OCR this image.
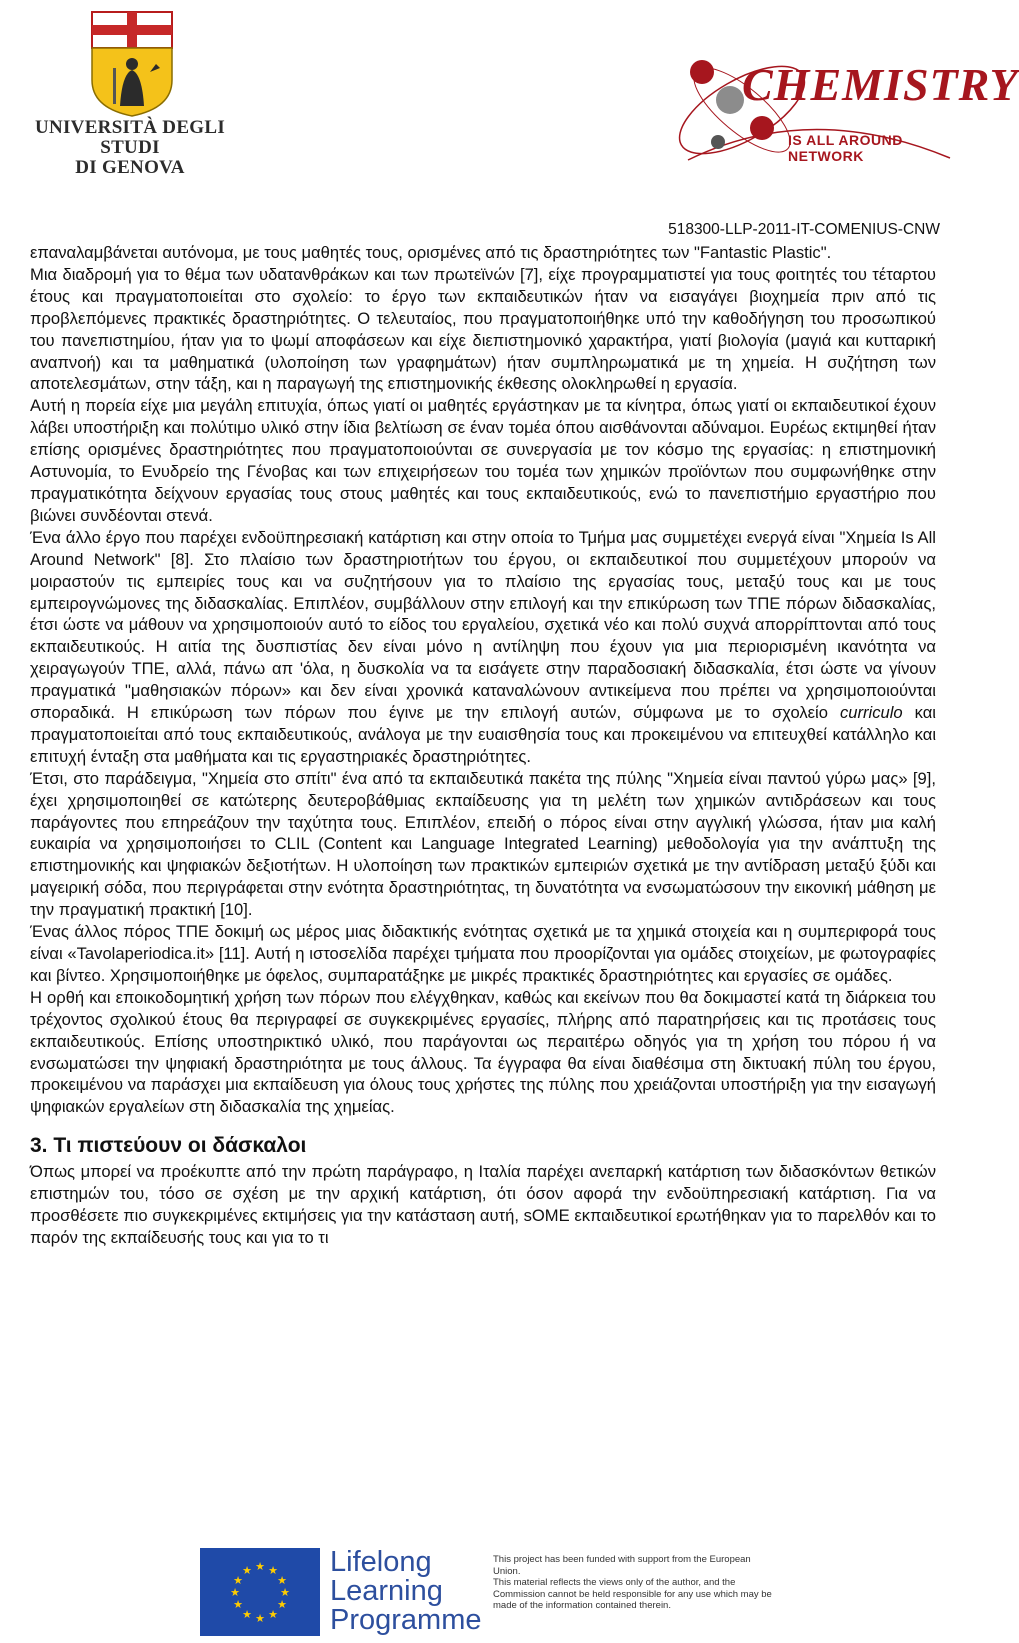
UNIVERSITÀ DEGLI STUDI
DI GENOVA
CHEMISTRY
IS ALL AROUND NETWORK
518300-LLP-2011-IT-COMENIUS-CNW

επαναλαμβάνεται αυτόνομα, με τους μαθητές τους, ορισμένες από τις δραστηριότητες των "Fantastic Plastic".

Μια διαδρομή για το θέμα των υδατανθράκων και των πρωτεϊνών [7], είχε προγραμματιστεί για τους φοιτητές του τέταρτου έτους και πραγματοποιείται στο σχολείο: το έργο των εκπαιδευτικών ήταν να εισαγάγει βιοχημεία πριν από τις προβλεπόμενες πρακτικές δραστηριότητες. Ο τελευταίος, που πραγματοποιήθηκε υπό την καθοδήγηση του προσωπικού του πανεπιστημίου, ήταν για το ψωμί αποφάσεων και είχε διεπιστημονικό χαρακτήρα, γιατί βιολογία (μαγιά και κυτταρική αναπνοή) και τα μαθηματικά (υλοποίηση των γραφημάτων) ήταν συμπληρωματικά με τη χημεία. Η συζήτηση των αποτελεσμάτων, στην τάξη, και η παραγωγή της επιστημονικής έκθεσης ολοκληρωθεί η εργασία.

Αυτή η πορεία είχε μια μεγάλη επιτυχία, όπως γιατί οι μαθητές εργάστηκαν με τα κίνητρα, όπως γιατί οι εκπαιδευτικοί έχουν λάβει υποστήριξη και πολύτιμο υλικό στην ίδια βελτίωση σε έναν τομέα όπου αισθάνονται αδύναμοι. Ευρέως εκτιμηθεί ήταν επίσης ορισμένες δραστηριότητες που πραγματοποιούνται σε συνεργασία με τον κόσμο της εργασίας: η επιστημονική Αστυνομία, το Ενυδρείο της Γένοβας και των επιχειρήσεων του τομέα των χημικών προϊόντων που συμφωνήθηκε στην πραγματικότητα δείχνουν εργασίας τους στους μαθητές και τους εκπαιδευτικούς, ενώ το πανεπιστήμιο εργαστήριο που βιώνει συνδέονται στενά.

Ένα άλλο έργο που παρέχει ενδοϋπηρεσιακή κατάρτιση και στην οποία το Τμήμα μας συμμετέχει ενεργά είναι "Χημεία Is All Around Network" [8]. Στο πλαίσιο των δραστηριοτήτων του έργου, οι εκπαιδευτικοί που συμμετέχουν μπορούν να μοιραστούν τις εμπειρίες τους και να συζητήσουν για το πλαίσιο της εργασίας τους, μεταξύ τους και με τους εμπειρογνώμονες της διδασκαλίας. Επιπλέον, συμβάλλουν στην επιλογή και την επικύρωση των ΤΠΕ πόρων διδασκαλίας, έτσι ώστε να μάθουν να χρησιμοποιούν αυτό το είδος του εργαλείου, σχετικά νέο και πολύ συχνά απορρίπτονται από τους εκπαιδευτικούς. Η αιτία της δυσπιστίας δεν είναι μόνο η αντίληψη που έχουν για μια περιορισμένη ικανότητα να χειραγωγούν ΤΠΕ, αλλά, πάνω απ 'όλα, η δυσκολία να τα εισάγετε στην παραδοσιακή διδασκαλία, έτσι ώστε να γίνουν πραγματικά "μαθησιακών πόρων» και δεν είναι χρονικά καταναλώνουν αντικείμενα που πρέπει να χρησιμοποιούνται σποραδικά. Η επικύρωση των πόρων που έγινε με την επιλογή αυτών, σύμφωνα με το σχολείο curriculo και πραγματοποιείται από τους εκπαιδευτικούς, ανάλογα με την ευαισθησία τους και προκειμένου να επιτευχθεί κατάλληλο και επιτυχή ένταξη στα μαθήματα και τις εργαστηριακές δραστηριότητες.

Έτσι, στο παράδειγμα, "Χημεία στο σπίτι" ένα από τα εκπαιδευτικά πακέτα της πύλης "Χημεία είναι παντού γύρω μας» [9], έχει χρησιμοποιηθεί σε κατώτερης δευτεροβάθμιας εκπαίδευσης για τη μελέτη των χημικών αντιδράσεων και τους παράγοντες που επηρεάζουν την ταχύτητα τους. Επιπλέον, επειδή ο πόρος είναι στην αγγλική γλώσσα, ήταν μια καλή ευκαιρία να χρησιμοποιήσει το CLIL (Content και Language Integrated Learning) μεθοδολογία για την ανάπτυξη της επιστημονικής και ψηφιακών δεξιοτήτων. Η υλοποίηση των πρακτικών εμπειριών σχετικά με την αντίδραση μεταξύ ξύδι και μαγειρική σόδα, που περιγράφεται στην ενότητα δραστηριότητας, τη δυνατότητα να ενσωματώσουν την εικονική μάθηση με την πραγματική πρακτική [10].

Ένας άλλος πόρος ΤΠΕ δοκιμή ως μέρος μιας διδακτικής ενότητας σχετικά με τα χημικά στοιχεία και η συμπεριφορά τους είναι «Tavolaperiodica.it» [11]. Αυτή η ιστοσελίδα παρέχει τμήματα που προορίζονται για ομάδες στοιχείων, με φωτογραφίες και βίντεο. Χρησιμοποιήθηκε με όφελος, συμπαρατάξηκε με μικρές πρακτικές δραστηριότητες και εργασίες σε ομάδες.

Η ορθή και εποικοδομητική χρήση των πόρων που ελέγχθηκαν, καθώς και εκείνων που θα δοκιμαστεί κατά τη διάρκεια του τρέχοντος σχολικού έτους θα περιγραφεί σε συγκεκριμένες εργασίες, πλήρης από παρατηρήσεις και τις προτάσεις τους εκπαιδευτικούς. Επίσης υποστηρικτικό υλικό, που παράγονται ως περαιτέρω οδηγός για τη χρήση του πόρου ή να ενσωματώσει την ψηφιακή δραστηριότητα με τους άλλους. Τα έγγραφα θα είναι διαθέσιμα στη δικτυακή πύλη του έργου, προκειμένου να παράσχει μια εκπαίδευση για όλους τους χρήστες της πύλης που χρειάζονται υποστήριξη για την εισαγωγή ψηφιακών εργαλείων στη διδασκαλία της χημείας.

3. Τι πιστεύουν οι δάσκαλοι

Όπως μπορεί να προέκυπτε από την πρώτη παράγραφο, η Ιταλία παρέχει ανεπαρκή κατάρτιση των διδασκόντων θετικών επιστημών του, τόσο σε σχέση με την αρχική κατάρτιση, ότι όσον αφορά την ενδοϋπηρεσιακή κατάρτιση. Για να προσθέσετε πιο συγκεκριμένες εκτιμήσεις για την κατάσταση αυτή, sOME εκπαιδευτικοί ερωτήθηκαν για το παρελθόν και το παρόν της εκπαίδευσής τους και για το τι

★ ★
★
★
★
★
★
★
★
★
★
★	Lifelong
Learning
Programme
This project has been funded with support from the European Union.
This material reflects the views only of the author, and the Commission cannot be held responsible for any use which may be made of the information contained therein.
